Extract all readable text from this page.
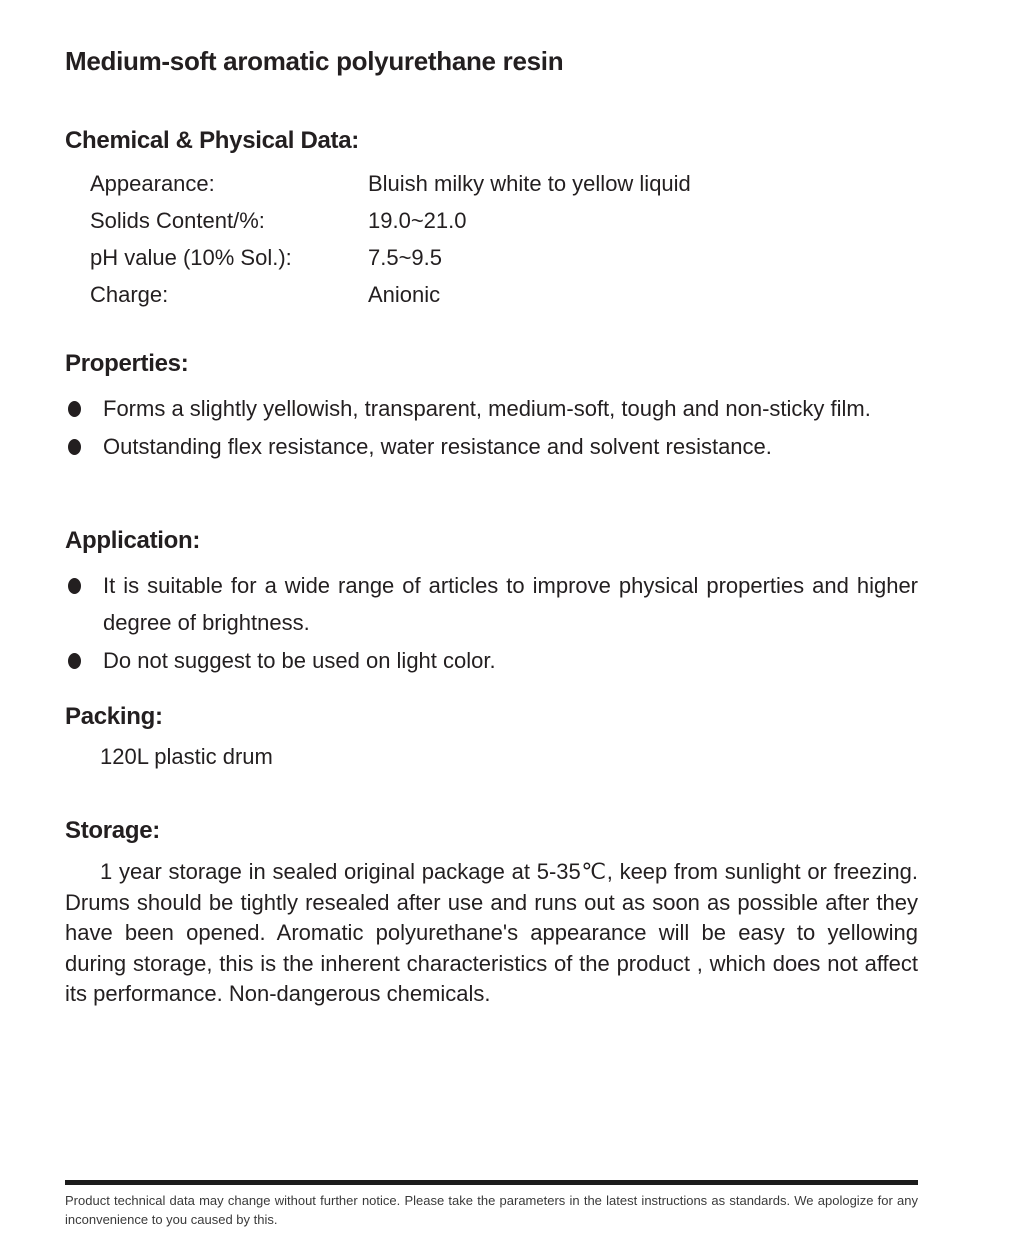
Medium-soft aromatic polyurethane resin
Chemical & Physical Data:
Appearance:	Bluish milky white to yellow liquid
Solids Content/%:	19.0~21.0
pH value (10% Sol.):	7.5~9.5
Charge:	Anionic
Properties:
Forms a slightly yellowish, transparent, medium-soft, tough and non-sticky film.
Outstanding flex resistance, water resistance and solvent resistance.
Application:
It is suitable for a wide range of articles to improve physical properties and higher degree of brightness.
Do not suggest to be used on light color.
Packing:
120L plastic drum
Storage:
1 year storage in sealed original package at 5-35℃, keep from sunlight or freezing. Drums should be tightly resealed after use and runs out as soon as possible after they have been opened. Aromatic polyurethane's appearance will be easy to yellowing during storage, this is the inherent characteristics of the product , which does not affect its performance. Non-dangerous chemicals.
Product technical data may change without further notice. Please take the parameters in the latest instructions as standards. We apologize for any inconvenience to you caused by this.
